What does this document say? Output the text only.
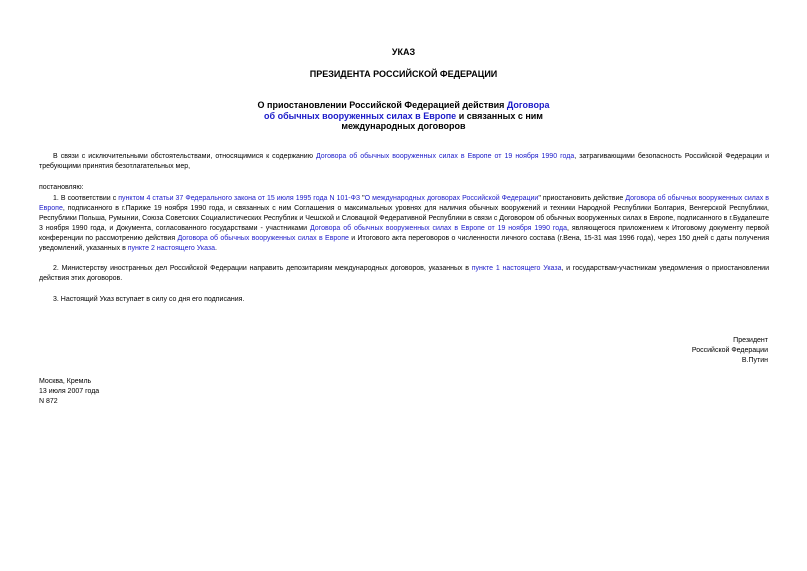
УКАЗ
ПРЕЗИДЕНТА РОССИЙСКОЙ ФЕДЕРАЦИИ
О приостановлении Российской Федерацией действия Договора
об обычных вооруженных силах в Европе и связанных с ним
международных договоров
В связи с исключительными обстоятельствами, относящимися к содержанию Договора об обычных вооруженных силах в Европе от 19 ноября 1990 года, затрагивающими безопасность Российской Федерации и требующими принятия безотлагательных мер,
постановляю:
1. В соответствии с пунктом 4 статьи 37 Федерального закона от 15 июля 1995 года N 101-ФЗ "О международных договорах Российской Федерации" приостановить действие Договора об обычных вооруженных силах в Европе, подписанного в г.Париже 19 ноября 1990 года, и связанных с ним Соглашения о максимальных уровнях для наличия обычных вооружений и техники Народной Республики Болгария, Венгерской Республики, Республики Польша, Румынии, Союза Советских Социалистических Республик и Чешской и Словацкой Федеративной Республики в связи с Договором об обычных вооруженных силах в Европе, подписанного в г.Будапеште 3 ноября 1990 года, и Документа, согласованного государствами - участниками Договора об обычных вооруженных силах в Европе от 19 ноября 1990 года, являющегося приложением к Итоговому документу первой конференции по рассмотрению действия Договора об обычных вооруженных силах в Европе и Итогового акта переговоров о численности личного состава (г.Вена, 15-31 мая 1996 года), через 150 дней с даты получения уведомлений, указанных в пункте 2 настоящего Указа.
2. Министерству иностранных дел Российской Федерации направить депозитариям международных договоров, указанных в пункте 1 настоящего Указа, и государствам-участникам уведомления о приостановлении действия этих договоров.
3. Настоящий Указ вступает в силу со дня его подписания.
Президент
Российской Федерации
В.Путин
Москва, Кремль
13 июля 2007 года
N 872
